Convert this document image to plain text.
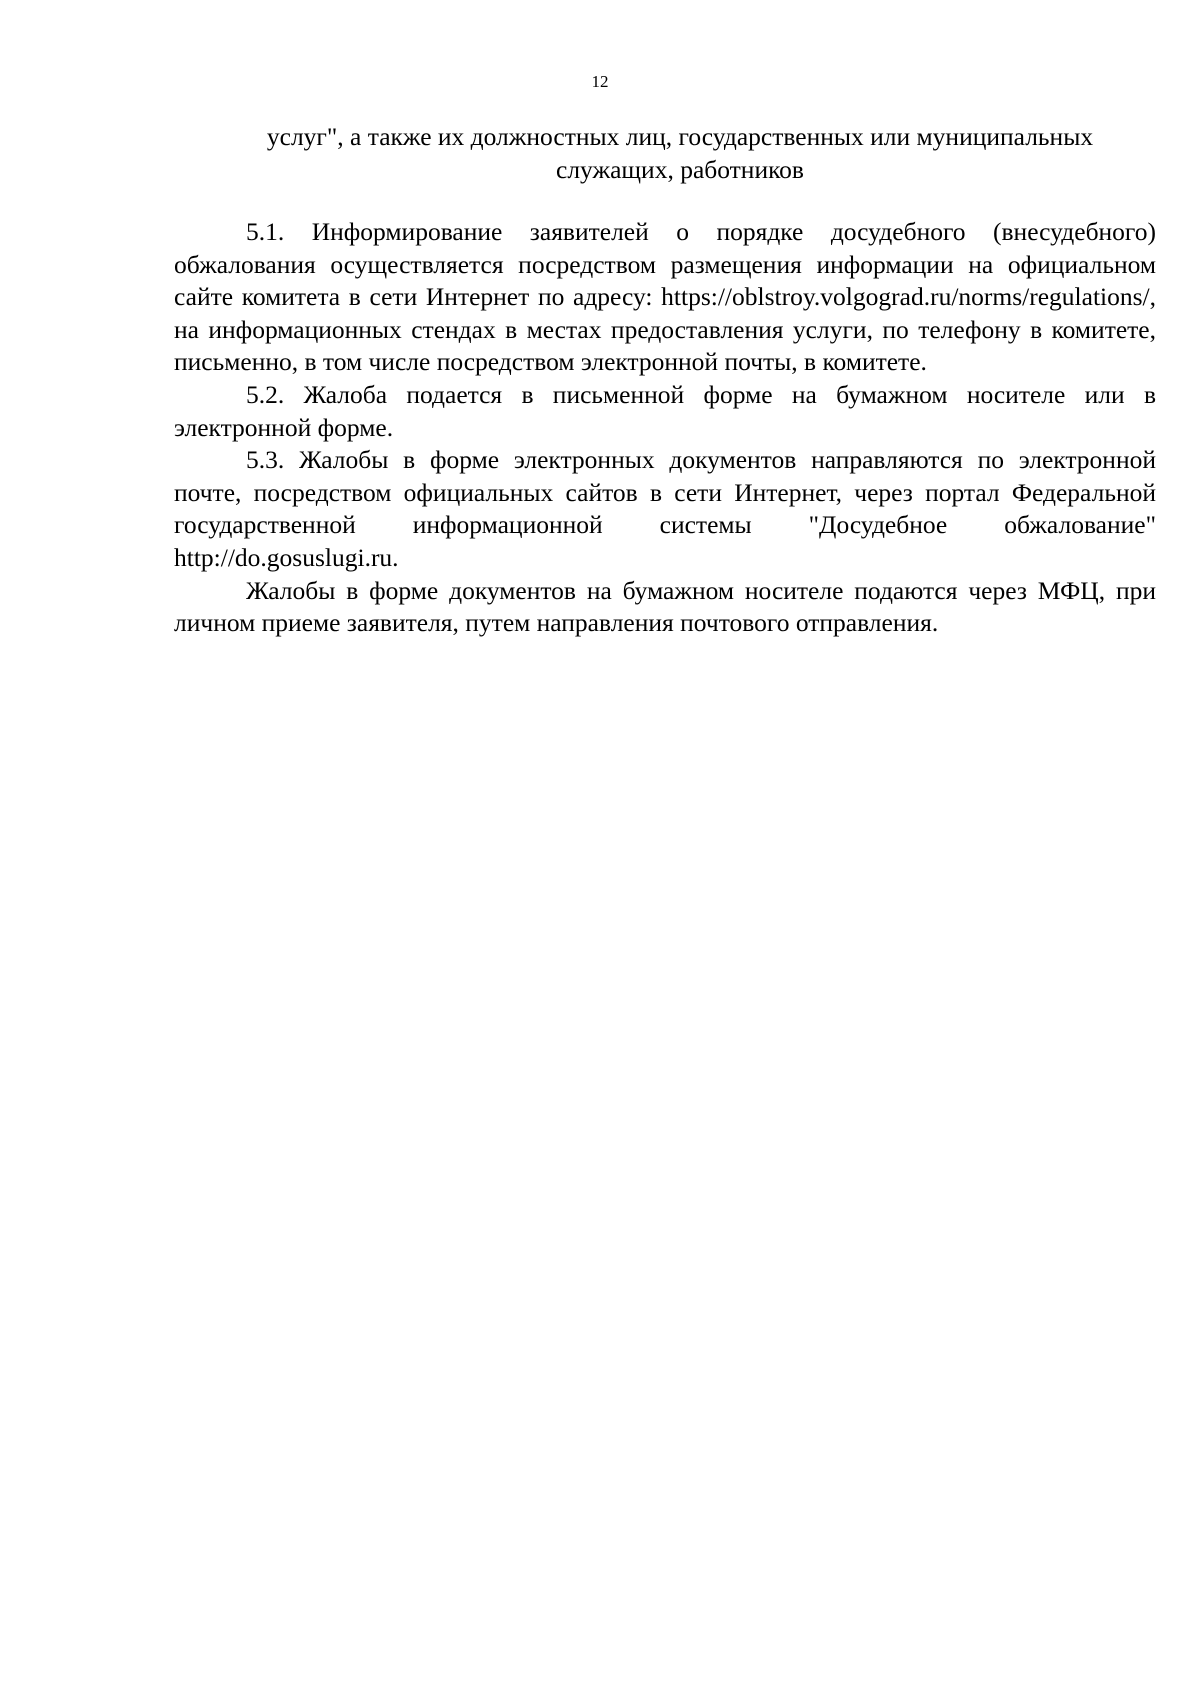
12
услуг", а также их должностных лиц, государственных или муниципальных
служащих, работников

5.1. Информирование заявителей о порядке досудебного (внесудебного) обжалования осуществляется посредством размещения информации на официальном сайте комитета в сети Интернет по адресу: https://oblstroy.volgograd.ru/norms/regulations/, на информационных стендах в местах предоставления услуги, по телефону в комитете, письменно, в том числе посредством электронной почты, в комитете.

5.2. Жалоба подается в письменной форме на бумажном носителе или в электронной форме.

5.3. Жалобы в форме электронных документов направляются по электронной почте, посредством официальных сайтов в сети Интернет, через портал Федеральной государственной информационной системы "Досудебное обжалование" http://do.gosuslugi.ru.

Жалобы в форме документов на бумажном носителе подаются через МФЦ, при личном приеме заявителя, путем направления почтового отправления.
